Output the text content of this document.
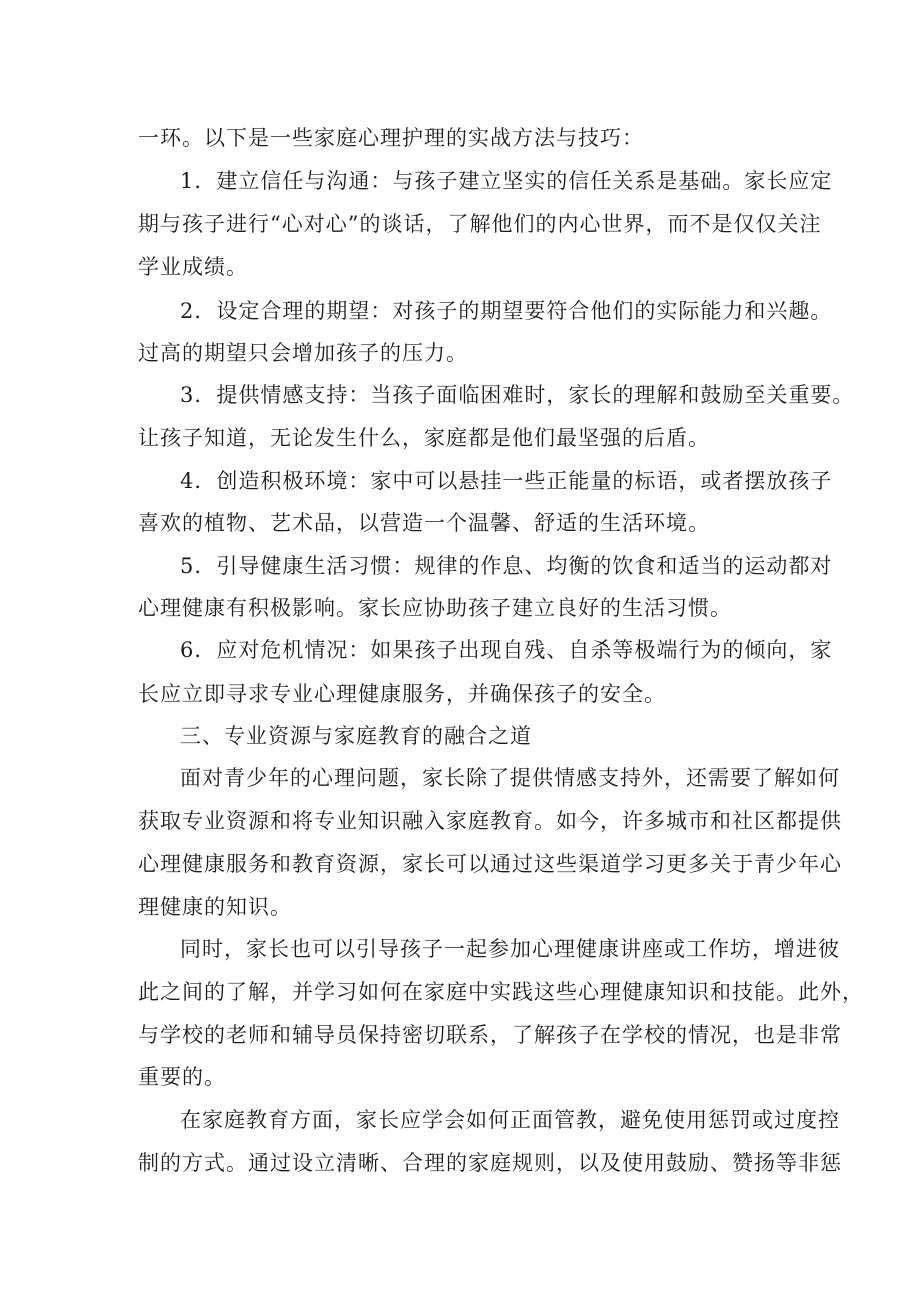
一环。以下是一些家庭心理护理的实战方法与技巧：

1．建立信任与沟通：与孩子建立坚实的信任关系是基础。家长应定

期与孩子进行“心对心”的谈话，了解他们的内心世界，而不是仅仅关注

学业成绩。

2．设定合理的期望：对孩子的期望要符合他们的实际能力和兴趣。

过高的期望只会增加孩子的压力。

3．提供情感支持：当孩子面临困难时，家长的理解和鼓励至关重要。

让孩子知道，无论发生什么，家庭都是他们最坚强的后盾。

4．创造积极环境：家中可以悬挂一些正能量的标语，或者摆放孩子

喜欢的植物、艺术品，以营造一个温馨、舒适的生活环境。

5．引导健康生活习惯：规律的作息、均衡的饮食和适当的运动都对

心理健康有积极影响。家长应协助孩子建立良好的生活习惯。

6．应对危机情况：如果孩子出现自残、自杀等极端行为的倾向，家

长应立即寻求专业心理健康服务，并确保孩子的安全。

三、专业资源与家庭教育的融合之道

面对青少年的心理问题，家长除了提供情感支持外，还需要了解如何

获取专业资源和将专业知识融入家庭教育。如今，许多城市和社区都提供

心理健康服务和教育资源，家长可以通过这些渠道学习更多关于青少年心

理健康的知识。

同时，家长也可以引导孩子一起参加心理健康讲座或工作坊，增进彼

此之间的了解，并学习如何在家庭中实践这些心理健康知识和技能。此外，

与学校的老师和辅导员保持密切联系，了解孩子在学校的情况，也是非常

重要的。

在家庭教育方面，家长应学会如何正面管教，避免使用惩罚或过度控

制的方式。通过设立清晰、合理的家庭规则，以及使用鼓励、赞扬等非惩
